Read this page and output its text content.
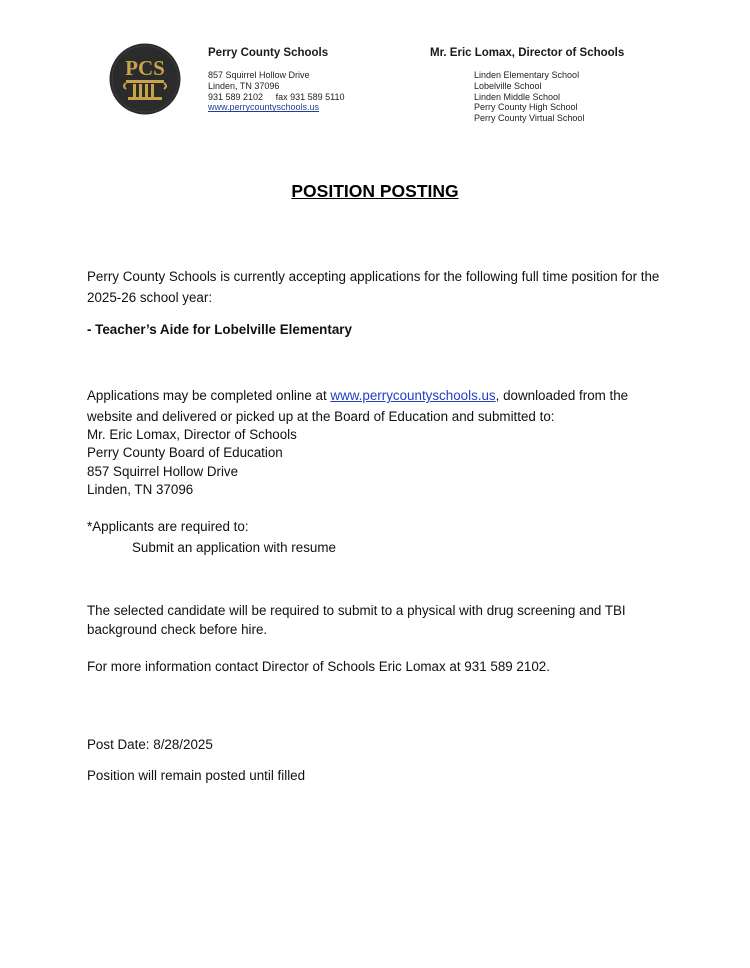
PCS
Perry County Schools
857 Squirrel Hollow Drive
Linden, TN 37096
931 589 2102 fax 931 589 5110
www.perrycountyschools.us
Mr. Eric Lomax, Director of Schools
Linden Elementary School
Lobelville School
Linden Middle School
Perry County High School
Perry County Virtual School
POSITION POSTING

Perry County Schools is currently accepting applications for the following full time position for the 2025-26 school year:

- Teacher’s Aide for Lobelville Elementary

Applications may be completed online at www.perrycountyschools.us, downloaded from the website and delivered or picked up at the Board of Education and submitted to:

Mr. Eric Lomax, Director of Schools
Perry County Board of Education
857 Squirrel Hollow Drive
Linden, TN 37096
*Applicants are required to:
Submit an application with resume

The selected candidate will be required to submit to a physical with drug screening and TBI background check before hire.

For more information contact Director of Schools Eric Lomax at 931 589 2102.

Post Date: 8/28/2025

Position will remain posted until filled
